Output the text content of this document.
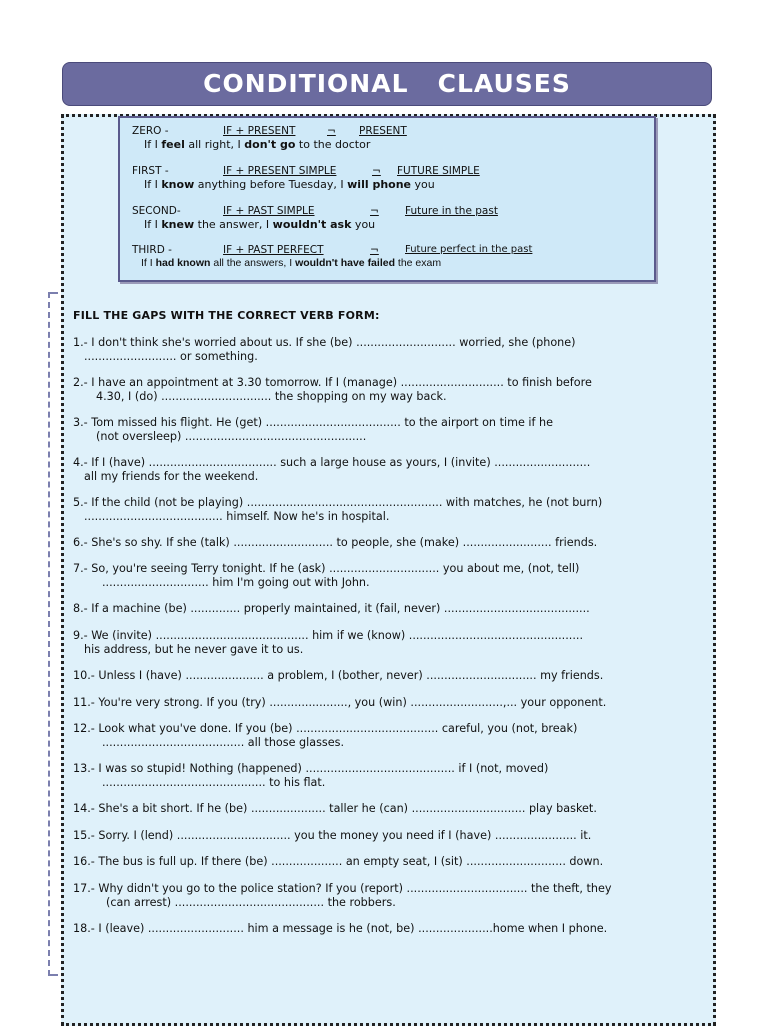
CONDITIONAL   CLAUSES
ZERO -	IF + PRESENT	¬ PRESENT
If I feel all right, I don't go to the doctor
FIRST -	IF + PRESENT SIMPLE	¬ FUTURE SIMPLE
If I know anything before Tuesday, I will phone you
SECOND-	IF + PAST SIMPLE	¬ Future in the past
If I knew the answer, I wouldn't ask you
THIRD -	IF + PAST PERFECT	¬	Future perfect in the past
If I had known all the answers, I wouldn't have failed the exam
FILL THE GAPS WITH THE CORRECT VERB FORM:
1.- I don't think she's worried about us. If she (be) ............................ worried, she (phone)
.......................... or something.
2.- I have an appointment at 3.30 tomorrow. If I (manage) ............................. to finish before
4.30, I (do) ............................... the shopping on my way back.
3.- Tom missed his flight. He (get) ...................................... to the airport on time if he
(not oversleep) ...................................................
4.- If I (have) .................................... such a large house as yours, I (invite) ...........................
all my friends for the weekend.
5.- If the child (not be playing) ....................................................... with matches, he (not burn)
....................................... himself. Now he's in hospital.
6.- She's so shy. If she (talk) ............................ to people, she (make) ......................... friends.
7.- So, you're seeing Terry tonight. If he (ask) ............................... you about me, (not, tell)
.............................. him I'm going out with John.
8.- If a machine (be) .............. properly maintained, it (fail, never) .........................................
9.- We (invite) ........................................... him if we (know) .................................................
his address, but he never gave it to us.
10.- Unless I (have) ...................... a problem, I (bother, never) ............................... my friends.
11.- You're very strong. If you (try) ......................, you (win) ..........................,... your opponent.
12.- Look what you've done. If you (be) ........................................ careful, you (not, break)
........................................ all those glasses.
13.- I was so stupid! Nothing (happened) .......................................... if I (not, moved)
.............................................. to his flat.
14.- She's a bit short. If he (be) ..................... taller he (can) ................................ play basket.
15.- Sorry. I (lend) ................................ you the money you need if I (have) ....................... it.
16.- The bus is full up. If there (be) .................... an empty seat, I (sit) ............................ down.
17.- Why didn't you go to the police station? If you (report) .................................. the theft, they
(can arrest) .......................................... the robbers.
18.- I (leave) ........................... him a message is he (not, be) .....................home when I phone.
